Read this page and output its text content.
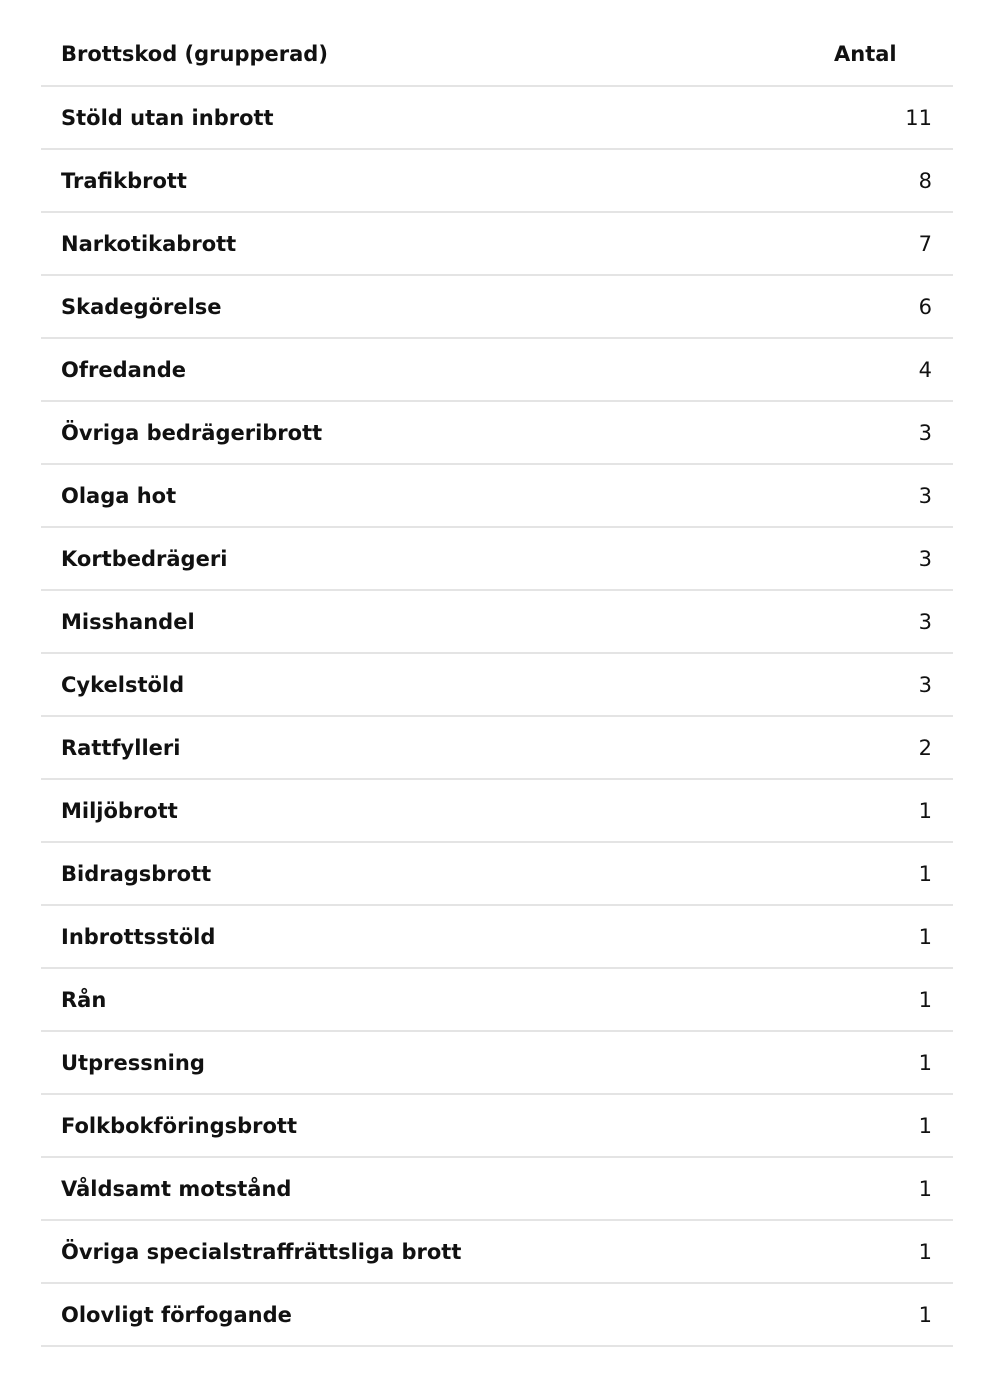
Brottskod (grupperad)	Antal
Stöld utan inbrott	11
Trafikbrott	8
Narkotikabrott	7
Skadegörelse	6
Ofredande	4
Övriga bedrägeribrott	3
Olaga hot	3
Kortbedrägeri	3
Misshandel	3
Cykelstöld	3
Rattfylleri	2
Miljöbrott	1
Bidragsbrott	1
Inbrottsstöld	1
Rån	1
Utpressning	1
Folkbokföringsbrott	1
Våldsamt motstånd	1
Övriga specialstraffrättsliga brott	1
Olovligt förfogande	1
